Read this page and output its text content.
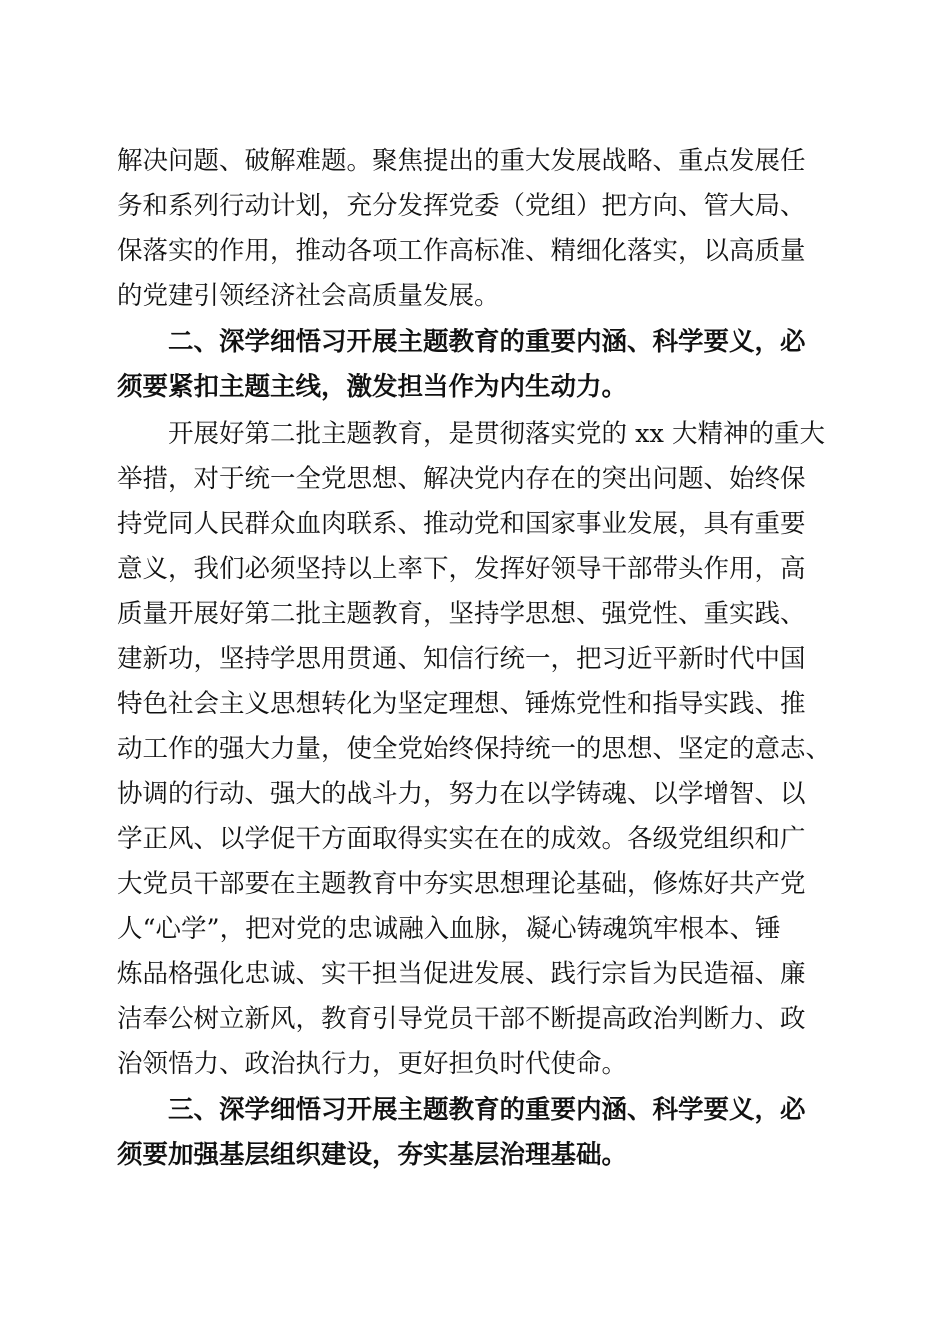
解决问题、破解难题。聚焦提出的重大发展战略、重点发展任
务和系列行动计划，充分发挥党委（党组）把方向、管大局、
保落实的作用，推动各项工作高标准、精细化落实，以高质量
的党建引领经济社会高质量发展。
二、深学细悟习开展主题教育的重要内涵、科学要义，必
须要紧扣主题主线，激发担当作为内生动力。
开展好第二批主题教育，是贯彻落实党的 xx 大精神的重大
举措，对于统一全党思想、解决党内存在的突出问题、始终保
持党同人民群众血肉联系、推动党和国家事业发展，具有重要
意义，我们必须坚持以上率下，发挥好领导干部带头作用，高
质量开展好第二批主题教育，坚持学思想、强党性、重实践、
建新功，坚持学思用贯通、知信行统一，把习近平新时代中国
特色社会主义思想转化为坚定理想、锤炼党性和指导实践、推
动工作的强大力量，使全党始终保持统一的思想、坚定的意志、
协调的行动、强大的战斗力，努力在以学铸魂、以学增智、以
学正风、以学促干方面取得实实在在的成效。各级党组织和广
大党员干部要在主题教育中夯实思想理论基础，修炼好共产党
人“心学”，把对党的忠诚融入血脉，凝心铸魂筑牢根本、锤
炼品格强化忠诚、实干担当促进发展、践行宗旨为民造福、廉
洁奉公树立新风，教育引导党员干部不断提高政治判断力、政
治领悟力、政治执行力，更好担负时代使命。
三、深学细悟习开展主题教育的重要内涵、科学要义，必
须要加强基层组织建设，夯实基层治理基础。
